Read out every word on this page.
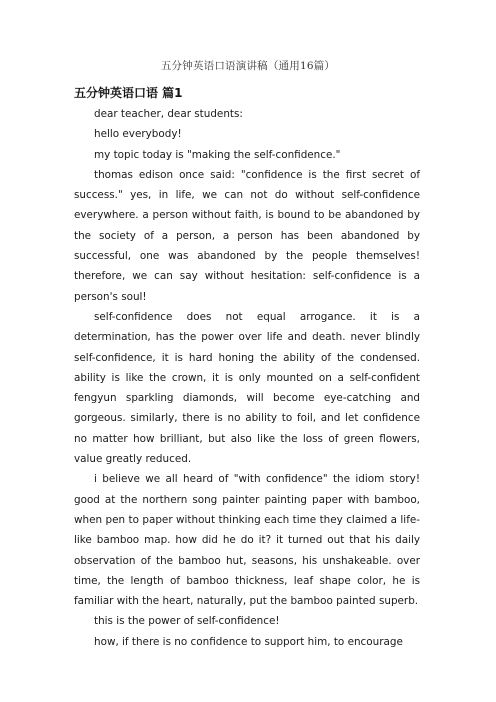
五分钟英语口语演讲稿（通用16篇）
五分钟英语口语 篇1

dear teacher, dear students:

hello everybody!

my topic today is "making the self-confidence."

thomas edison once said: "confidence is the first secret of success." yes, in life, we can not do without self-confidence everywhere. a person without faith, is bound to be abandoned by the society of a person, a person has been abandoned by successful, one was abandoned by the people themselves! therefore, we can say without hesitation: self-confidence is a person's soul!

self-confidence does not equal arrogance. it is a determination, has the power over life and death. never blindly self-confidence, it is hard honing the ability of the condensed. ability is like the crown, it is only mounted on a self-confident fengyun sparkling diamonds, will become eye-catching and gorgeous. similarly, there is no ability to foil, and let confidence no matter how brilliant, but also like the loss of green flowers, value greatly reduced.

i believe we all heard of "with confidence" the idiom story! good at the northern song painter painting paper with bamboo, when pen to paper without thinking each time they claimed a life-like bamboo map. how did he do it? it turned out that his daily observation of the bamboo hut, seasons, his unshakeable. over time, the length of bamboo thickness, leaf shape color, he is familiar with the heart, naturally, put the bamboo painted superb.

this is the power of self-confidence!

how, if there is no confidence to support him, to encourage
